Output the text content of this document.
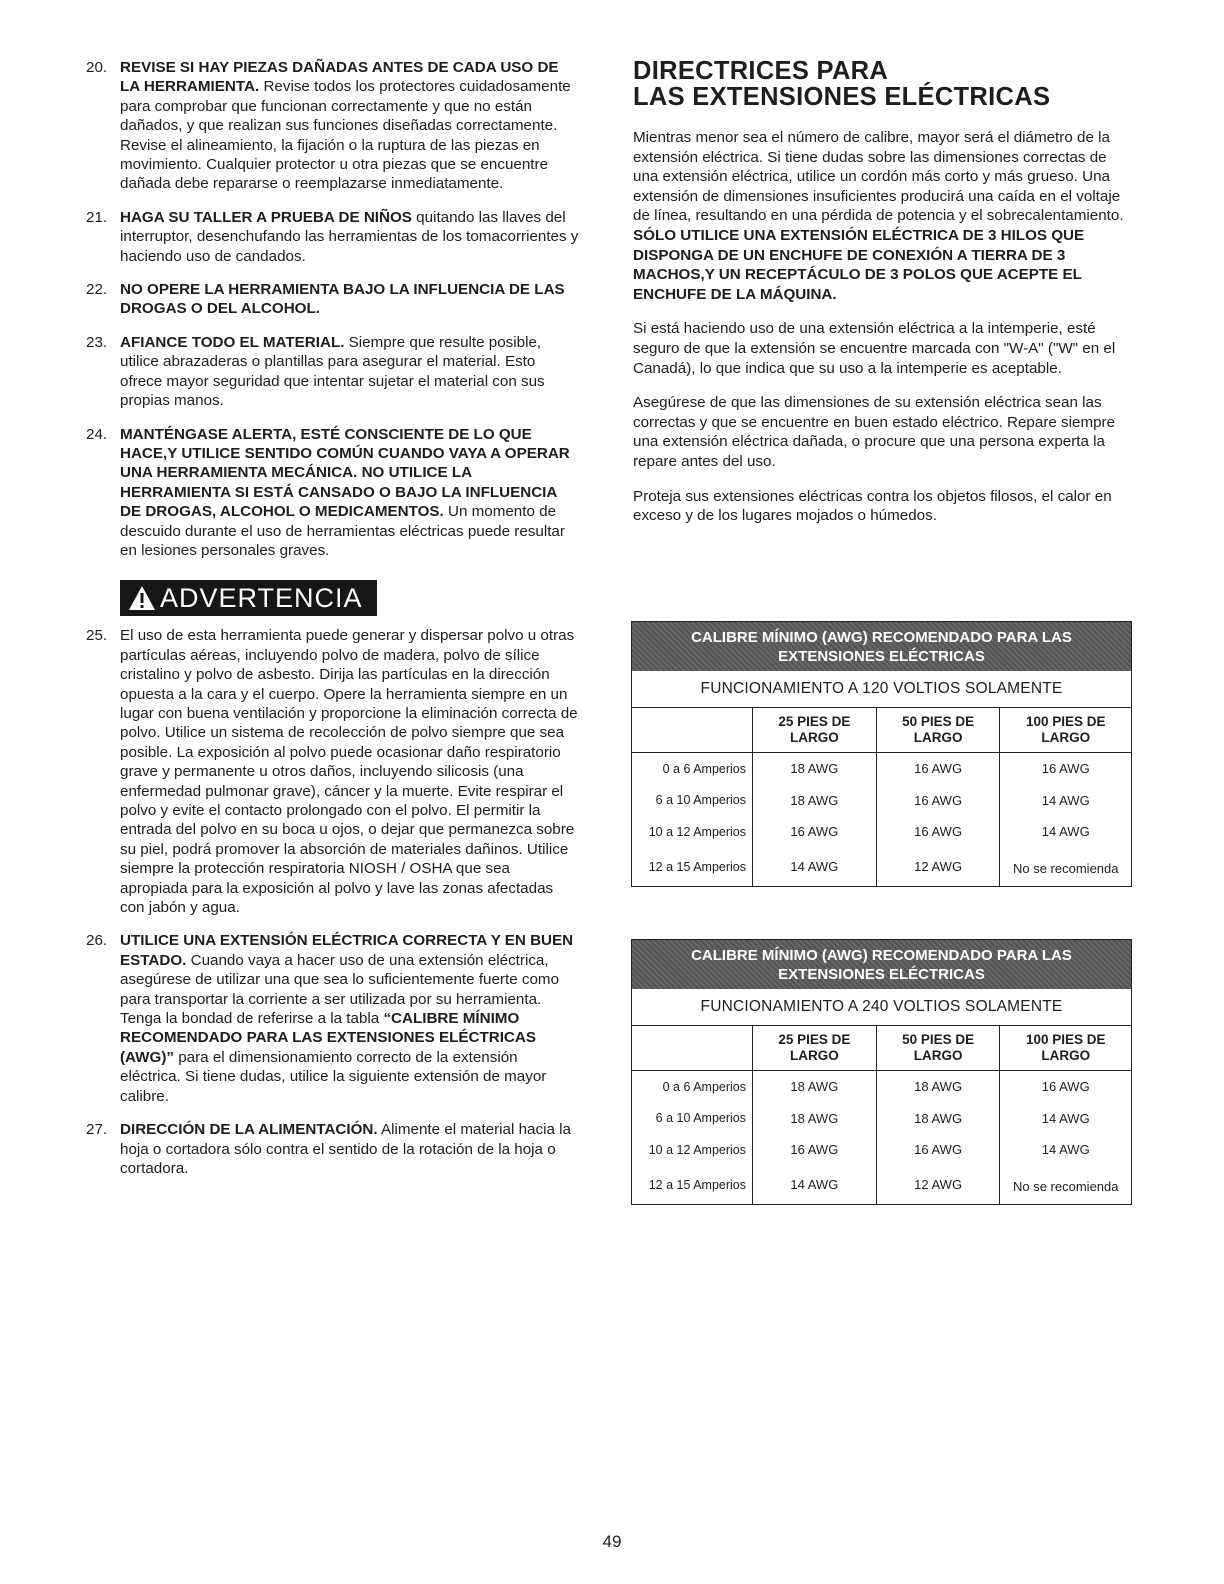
20. REVISE SI HAY PIEZAS DAÑADAS ANTES DE CADA USO DE LA HERRAMIENTA. Revise todos los protectores cuidadosamente para comprobar que funcionan correctamente y que no están dañados, y que realizan sus funciones diseñadas correctamente. Revise el alineamiento, la fijación o la ruptura de las piezas en movimiento. Cualquier protector u otra piezas que se encuentre dañada debe repararse o reemplazarse inmediatamente.
21. HAGA SU TALLER A PRUEBA DE NIÑOS quitando las llaves del interruptor, desenchufando las herramientas de los tomacorrientes y haciendo uso de candados.
22. NO OPERE LA HERRAMIENTA BAJO LA INFLUENCIA DE LAS DROGAS O DEL ALCOHOL.
23. AFIANCE TODO EL MATERIAL. Siempre que resulte posible, utilice abrazaderas o plantillas para asegurar el material. Esto ofrece mayor seguridad que intentar sujetar el material con sus propias manos.
24. MANTÉNGASE ALERTA, ESTÉ CONSCIENTE DE LO QUE HACE,Y UTILICE SENTIDO COMÚN CUANDO VAYA A OPERAR UNA HERRAMIENTA MECÁNICA. NO UTILICE LA HERRAMIENTA SI ESTÁ CANSADO O BAJO LA INFLUENCIA DE DROGAS, ALCOHOL O MEDICAMENTOS. Un momento de descuido durante el uso de herramientas eléctricas puede resultar en lesiones personales graves.
ADVERTENCIA
25. El uso de esta herramienta puede generar y dispersar polvo u otras partículas aéreas, incluyendo polvo de madera, polvo de sílice cristalino y polvo de asbesto. Dirija las partículas en la dirección opuesta a la cara y el cuerpo. Opere la herramienta siempre en un lugar con buena ventilación y proporcione la eliminación correcta de polvo. Utilice un sistema de recolección de polvo siempre que sea posible. La exposición al polvo puede ocasionar daño respiratorio grave y permanente u otros daños, incluyendo silicosis (una enfermedad pulmonar grave), cáncer y la muerte. Evite respirar el polvo y evite el contacto prolongado con el polvo. El permitir la entrada del polvo en su boca u ojos, o dejar que permanezca sobre su piel, podrá promover la absorción de materiales dañinos. Utilice siempre la protección respiratoria NIOSH / OSHA que sea apropiada para la exposición al polvo y lave las zonas afectadas con jabón y agua.
26. UTILICE UNA EXTENSIÓN ELÉCTRICA CORRECTA Y EN BUEN ESTADO. Cuando vaya a hacer uso de una extensión eléctrica, asegúrese de utilizar una que sea lo suficientemente fuerte como para transportar la corriente a ser utilizada por su herramienta. Tenga la bondad de referirse a la tabla “CALIBRE MÍNIMO RECOMENDADO PARA LAS EXTENSIONES ELÉCTRICAS (AWG)” para el dimensionamiento correcto de la extensión eléctrica. Si tiene dudas, utilice la siguiente extensión de mayor calibre.
27. DIRECCIÓN DE LA ALIMENTACIÓN. Alimente el material hacia la hoja o cortadora sólo contra el sentido de la rotación de la hoja o cortadora.
DIRECTRICES PARA
LAS EXTENSIONES ELÉCTRICAS

Mientras menor sea el número de calibre, mayor será el diámetro de la extensión eléctrica. Si tiene dudas sobre las dimensiones correctas de una extensión eléctrica, utilice un cordón más corto y más grueso. Una extensión de dimensiones insuficientes producirá una caída en el voltaje de línea, resultando en una pérdida de potencia y el sobrecalentamiento. SÓLO UTILICE UNA EXTENSIÓN ELÉCTRICA DE 3 HILOS QUE DISPONGA DE UN ENCHUFE DE CONEXIÓN A TIERRA DE 3 MACHOS,Y UN RECEPTÁCULO DE 3 POLOS QUE ACEPTE EL ENCHUFE DE LA MÁQUINA.

Si está haciendo uso de una extensión eléctrica a la intemperie, esté seguro de que la extensión se encuentre marcada con "W-A" ("W" en el Canadá), lo que indica que su uso a la intemperie es aceptable.

Asegúrese de que las dimensiones de su extensión eléctrica sean las correctas y que se encuentre en buen estado eléctrico. Repare siempre una extensión eléctrica dañada, o procure que una persona experta la repare antes del uso.

Proteja sus extensiones eléctricas contra los objetos filosos, el calor en exceso y de los lugares mojados o húmedos.

CALIBRE MÍNIMO (AWG) RECOMENDADO PARA LAS EXTENSIONES ELÉCTRICAS
FUNCIONAMIENTO A 120 VOLTIOS SOLAMENTE
	25 PIES DE LARGO	50 PIES DE LARGO	100 PIES DE LARGO
0 a 6 Amperios	18 AWG	16 AWG	16 AWG
6 a 10 Amperios	18 AWG	16 AWG	14 AWG
10 a 12 Amperios	16 AWG	16 AWG	14 AWG
12 a 15 Amperios	14 AWG	12 AWG	No se recomienda
CALIBRE MÍNIMO (AWG) RECOMENDADO PARA LAS EXTENSIONES ELÉCTRICAS
FUNCIONAMIENTO A 240 VOLTIOS SOLAMENTE
	25 PIES DE LARGO	50 PIES DE LARGO	100 PIES DE LARGO
0 a 6 Amperios	18 AWG	18 AWG	16 AWG
6 a 10 Amperios	18 AWG	18 AWG	14 AWG
10 a 12 Amperios	16 AWG	16 AWG	14 AWG
12 a 15 Amperios	14 AWG	12 AWG	No se recomienda
49
